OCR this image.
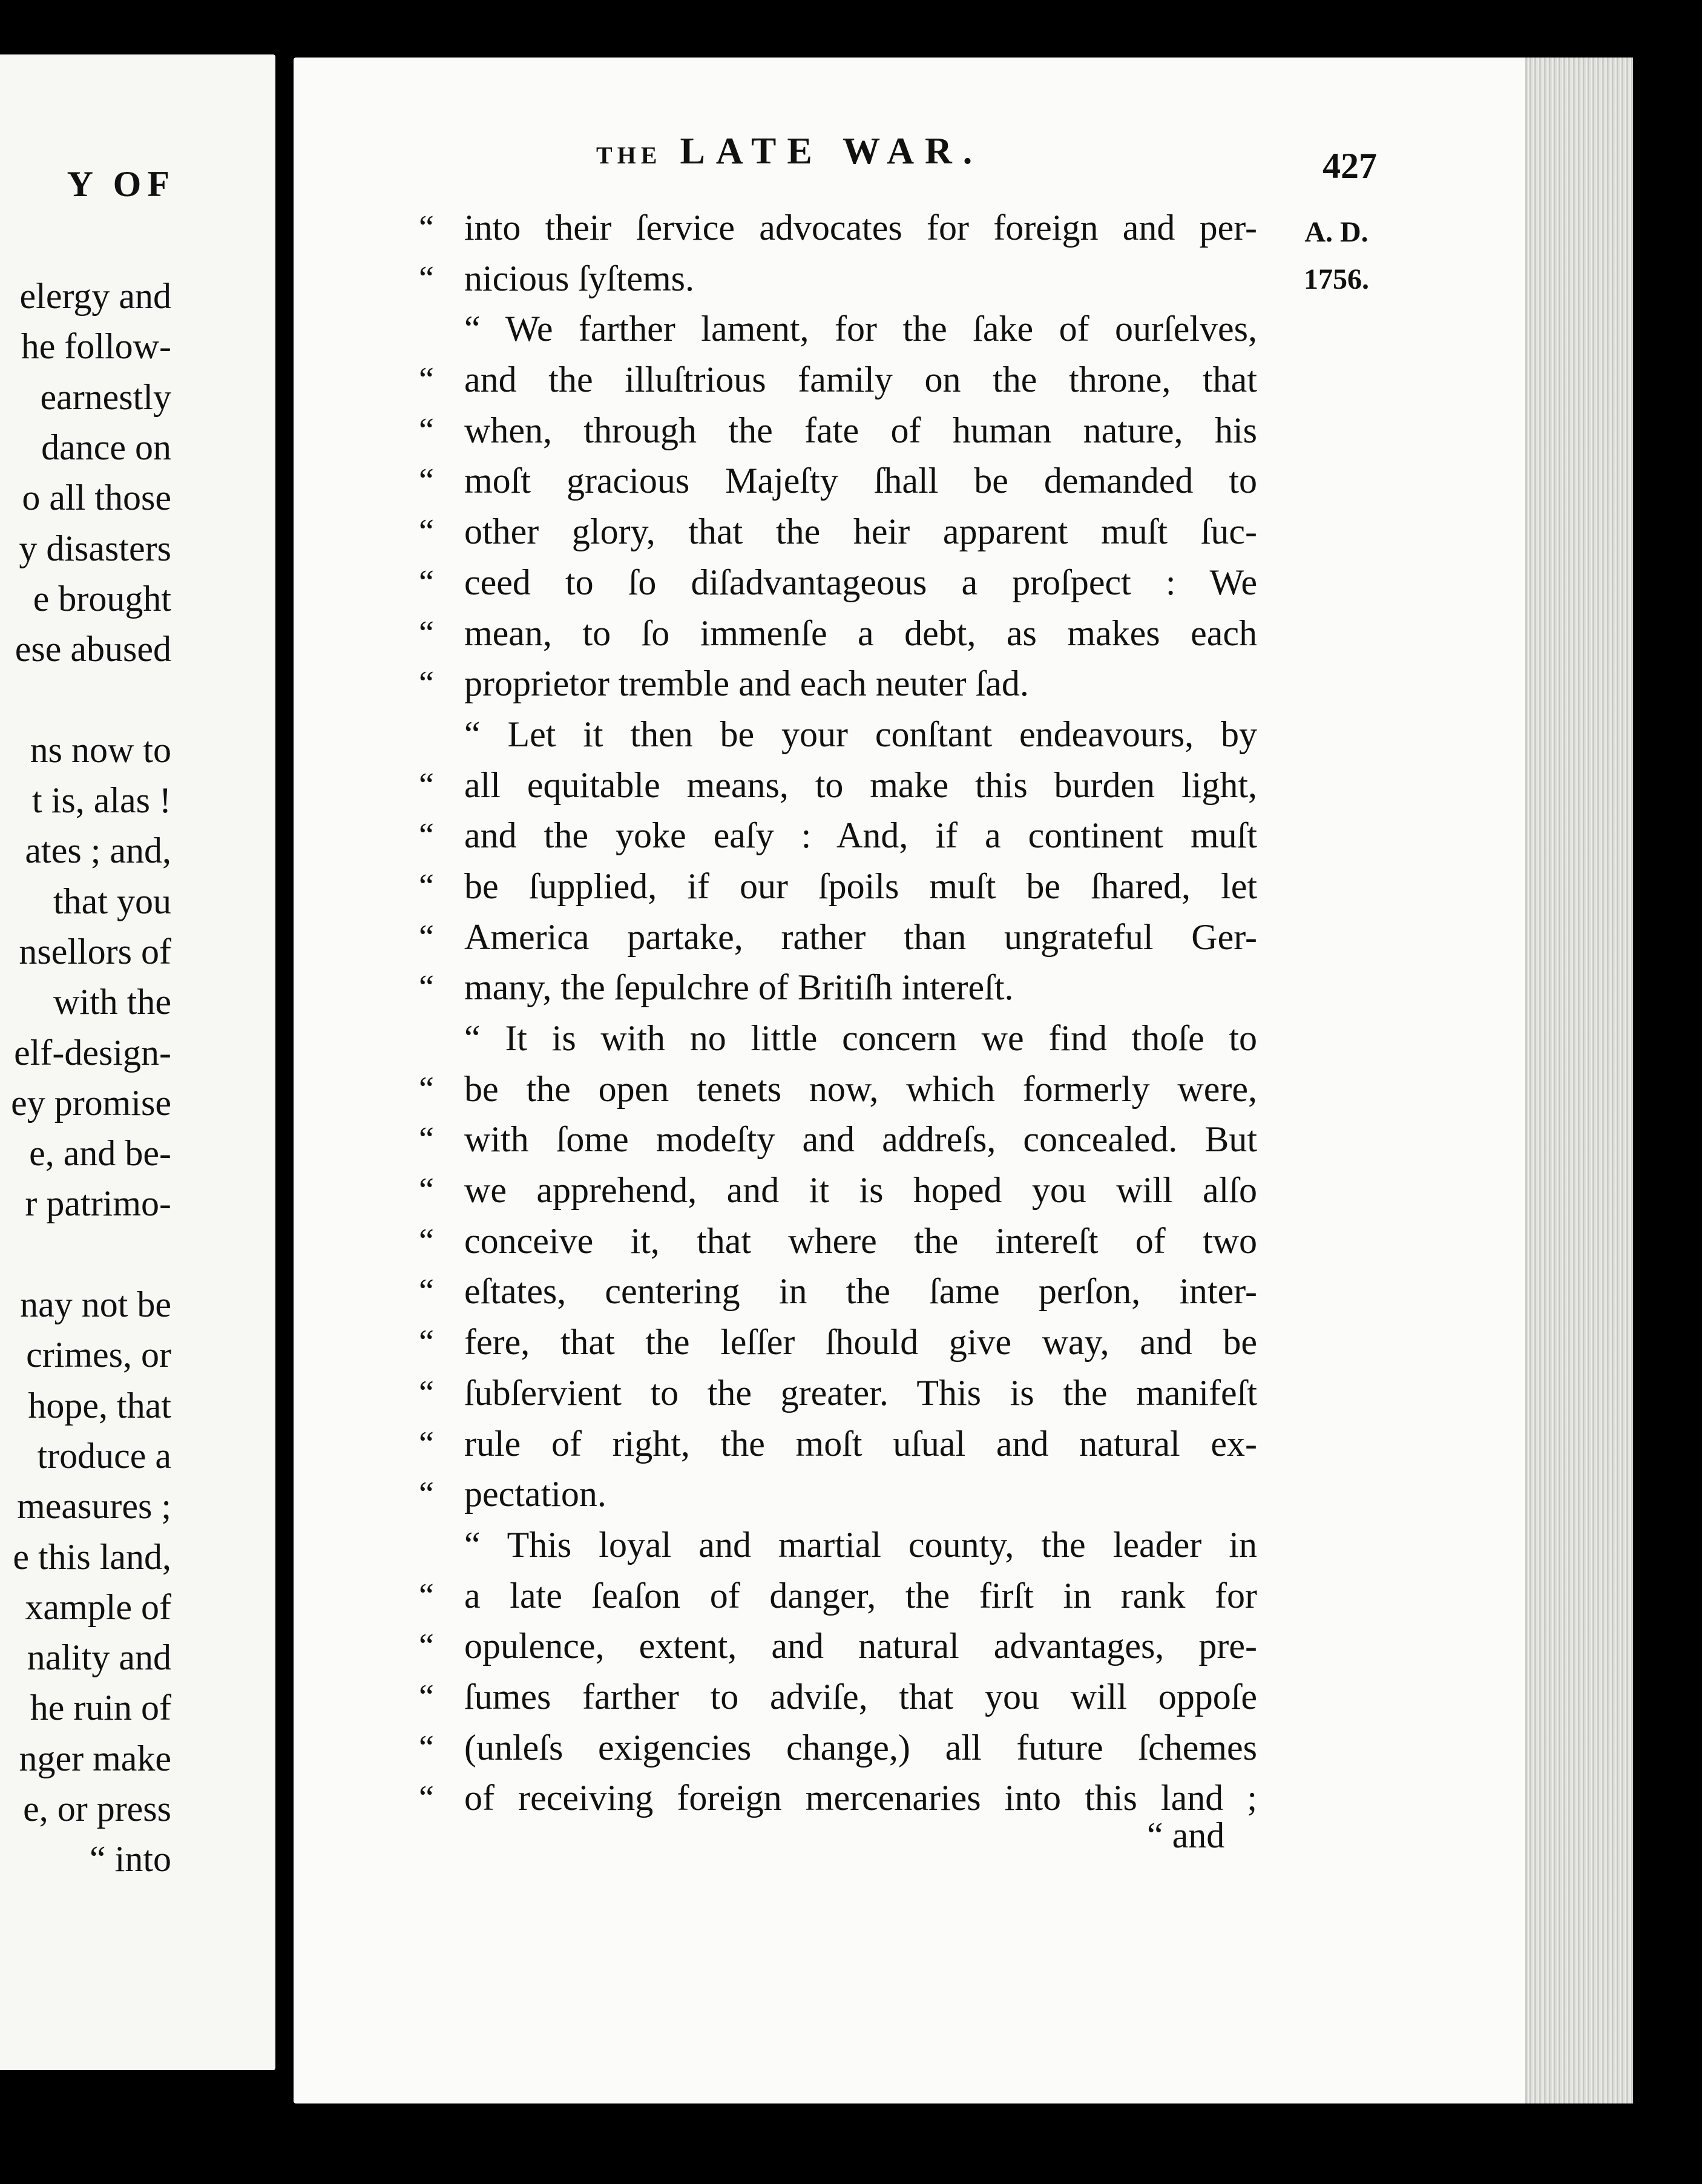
Y OF
elergy and
he follow-
earnestly
dance on
o all those
y disasters
e brought
ese abused
ns now to
t is, alas !
ates ; and,
that you
nsellors of
with the
elf-design-
ey promise
e, and be-
r patrimo-
nay not be
crimes, or
hope, that
troduce a
measures ;
e this land,
xample of
nality and
he ruin of
nger make
e, or press
“ into
THE LATE WAR.	427
A. D.
1756.
“ into their ſervice advocates for foreign and per-
“ nicious ſyſtems.
“ We farther lament, for the ſake of ourſelves,
“ and the illuſtrious family on the throne, that
“ when, through the fate of human nature, his
“ moſt gracious Majeſty ſhall be demanded to
“ other glory, that the heir apparent muſt ſuc-
“ ceed to ſo diſadvantageous a proſpect : We
“ mean, to ſo immenſe a debt, as makes each
“ proprietor tremble and each neuter ſad.
“ Let it then be your conſtant endeavours, by
“ all equitable means, to make this burden light,
“ and the yoke eaſy : And, if a continent muſt
“ be ſupplied, if our ſpoils muſt be ſhared, let
“ America partake, rather than ungrateful Ger-
“ many, the ſepulchre of Britiſh intereſt.
“ It is with no little concern we find thoſe to
“ be the open tenets now, which formerly were,
“ with ſome modeſty and addreſs, concealed. But
“ we apprehend, and it is hoped you will alſo
“ conceive it, that where the intereſt of two
“ eſtates, centering in the ſame perſon, inter-
“ fere, that the leſſer ſhould give way, and be
“ ſubſervient to the greater. This is the manifeſt
“ rule of right, the moſt uſual and natural ex-
“ pectation.
“ This loyal and martial county, the leader in
“ a late ſeaſon of danger, the firſt in rank for
“ opulence, extent, and natural advantages, pre-
“ ſumes farther to adviſe, that you will oppoſe
“ (unleſs exigencies change,) all future ſchemes
“ of receiving foreign mercenaries into this land ;
“ and
